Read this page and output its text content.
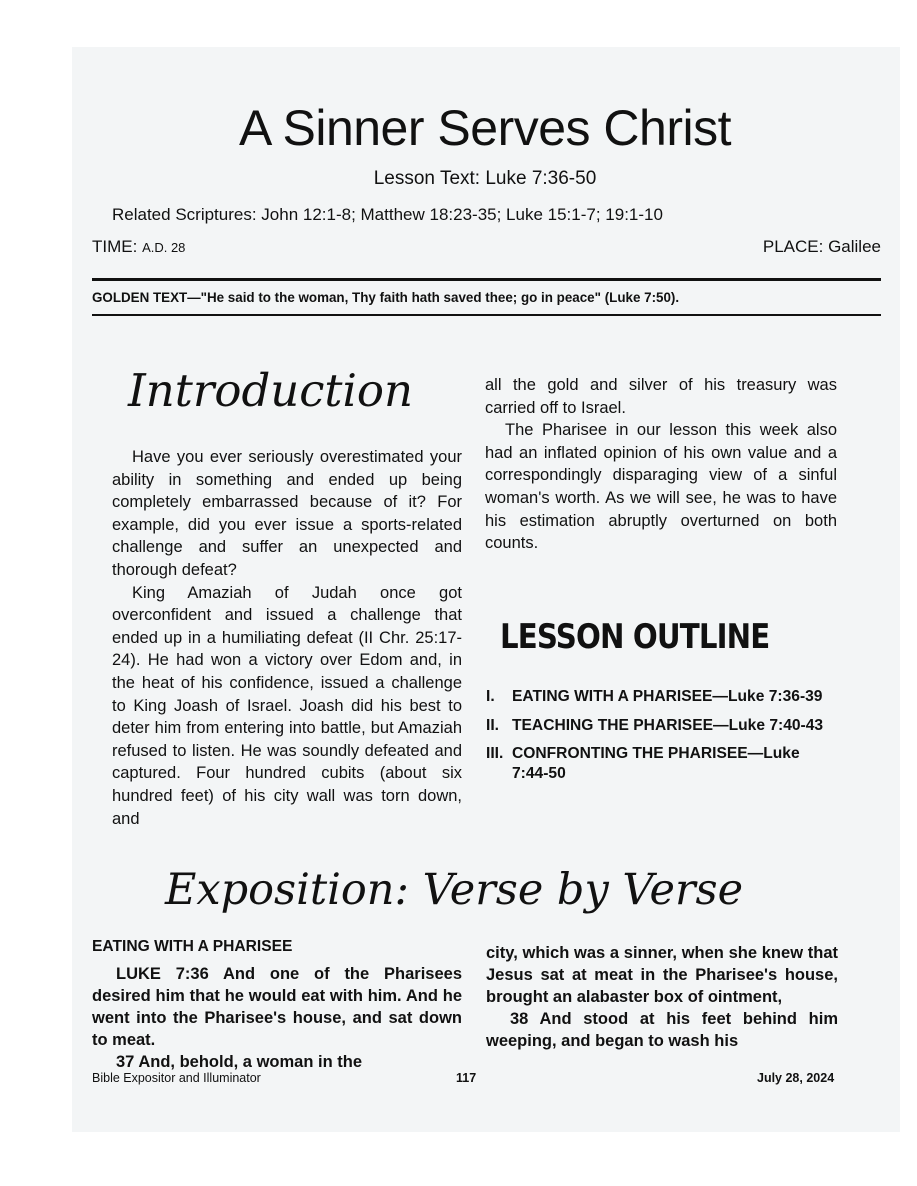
A Sinner Serves Christ
Lesson Text: Luke 7:36-50
Related Scriptures: John 12:1-8; Matthew 18:23-35; Luke 15:1-7; 19:1-10
TIME: A.D. 28	PLACE: Galilee
GOLDEN TEXT—"He said to the woman, Thy faith hath saved thee; go in peace" (Luke 7:50).
Introduction

Have you ever seriously overestimated your ability in something and ended up being completely embarrassed because of it? For example, did you ever issue a sports-related challenge and suffer an unexpected and thorough defeat?

King Amaziah of Judah once got overconfident and issued a challenge that ended up in a humiliating defeat (II Chr. 25:17-24). He had won a victory over Edom and, in the heat of his confidence, issued a challenge to King Joash of Israel. Joash did his best to deter him from entering into battle, but Amaziah refused to listen. He was soundly defeated and captured. Four hundred cubits (about six hundred feet) of his city wall was torn down, and

all the gold and silver of his treasury was carried off to Israel.

The Pharisee in our lesson this week also had an inflated opinion of his own value and a correspondingly disparaging view of a sinful woman's worth. As we will see, he was to have his estimation abruptly overturned on both counts.

LESSON OUTLINE
I. EATING WITH A PHARISEE—Luke 7:36-39
II. TEACHING THE PHARISEE—Luke 7:40-43
III. CONFRONTING THE PHARISEE—Luke 7:44-50
Exposition: Verse by Verse
EATING WITH A PHARISEE

LUKE 7:36 And one of the Pharisees desired him that he would eat with him. And he went into the Pharisee's house, and sat down to meat.

37 And, behold, a woman in the

city, which was a sinner, when she knew that Jesus sat at meat in the Pharisee's house, brought an alabaster box of ointment,

38 And stood at his feet behind him weeping, and began to wash his

Bible Expositor and Illuminator	117	July 28, 2024
